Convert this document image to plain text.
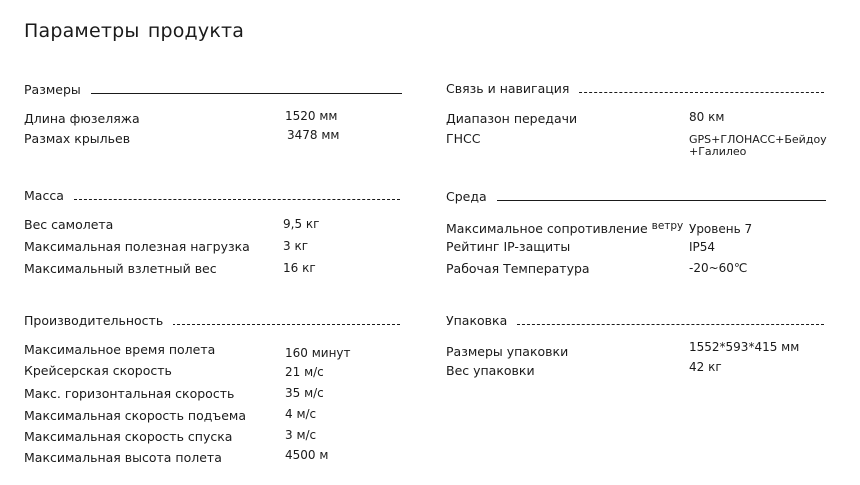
Параметры продукта
Размеры
Длина фюзеляжа	1520 мм
Размах крыльев	3478 мм
Масса
Вес самолета	9,5 кг
Максимальная полезная нагрузка	3 кг
Максимальный взлетный вес	16 кг
Производительность
Максимальное время полета	160 минут
Крейсерская скорость	21 м/с
Макс. горизонтальная скорость	35 м/с
Максимальная скорость подъема	4 м/с
Максимальная скорость спуска	3 м/с
Максимальная высота полета	4500 м
Связь и навигация
Диапазон передачи	80 км
ГНСС	GPS+ГЛОНАСС+Бейдоу +Галилео
Среда
Максимальное сопротивление $^{ветру}$ Уровень 7
Рейтинг IP-защиты	IP54
Рабочая Температура	-20~60℃
Упаковка
Размеры упаковки	1552*593*415 мм
Вес упаковки	42 кг
